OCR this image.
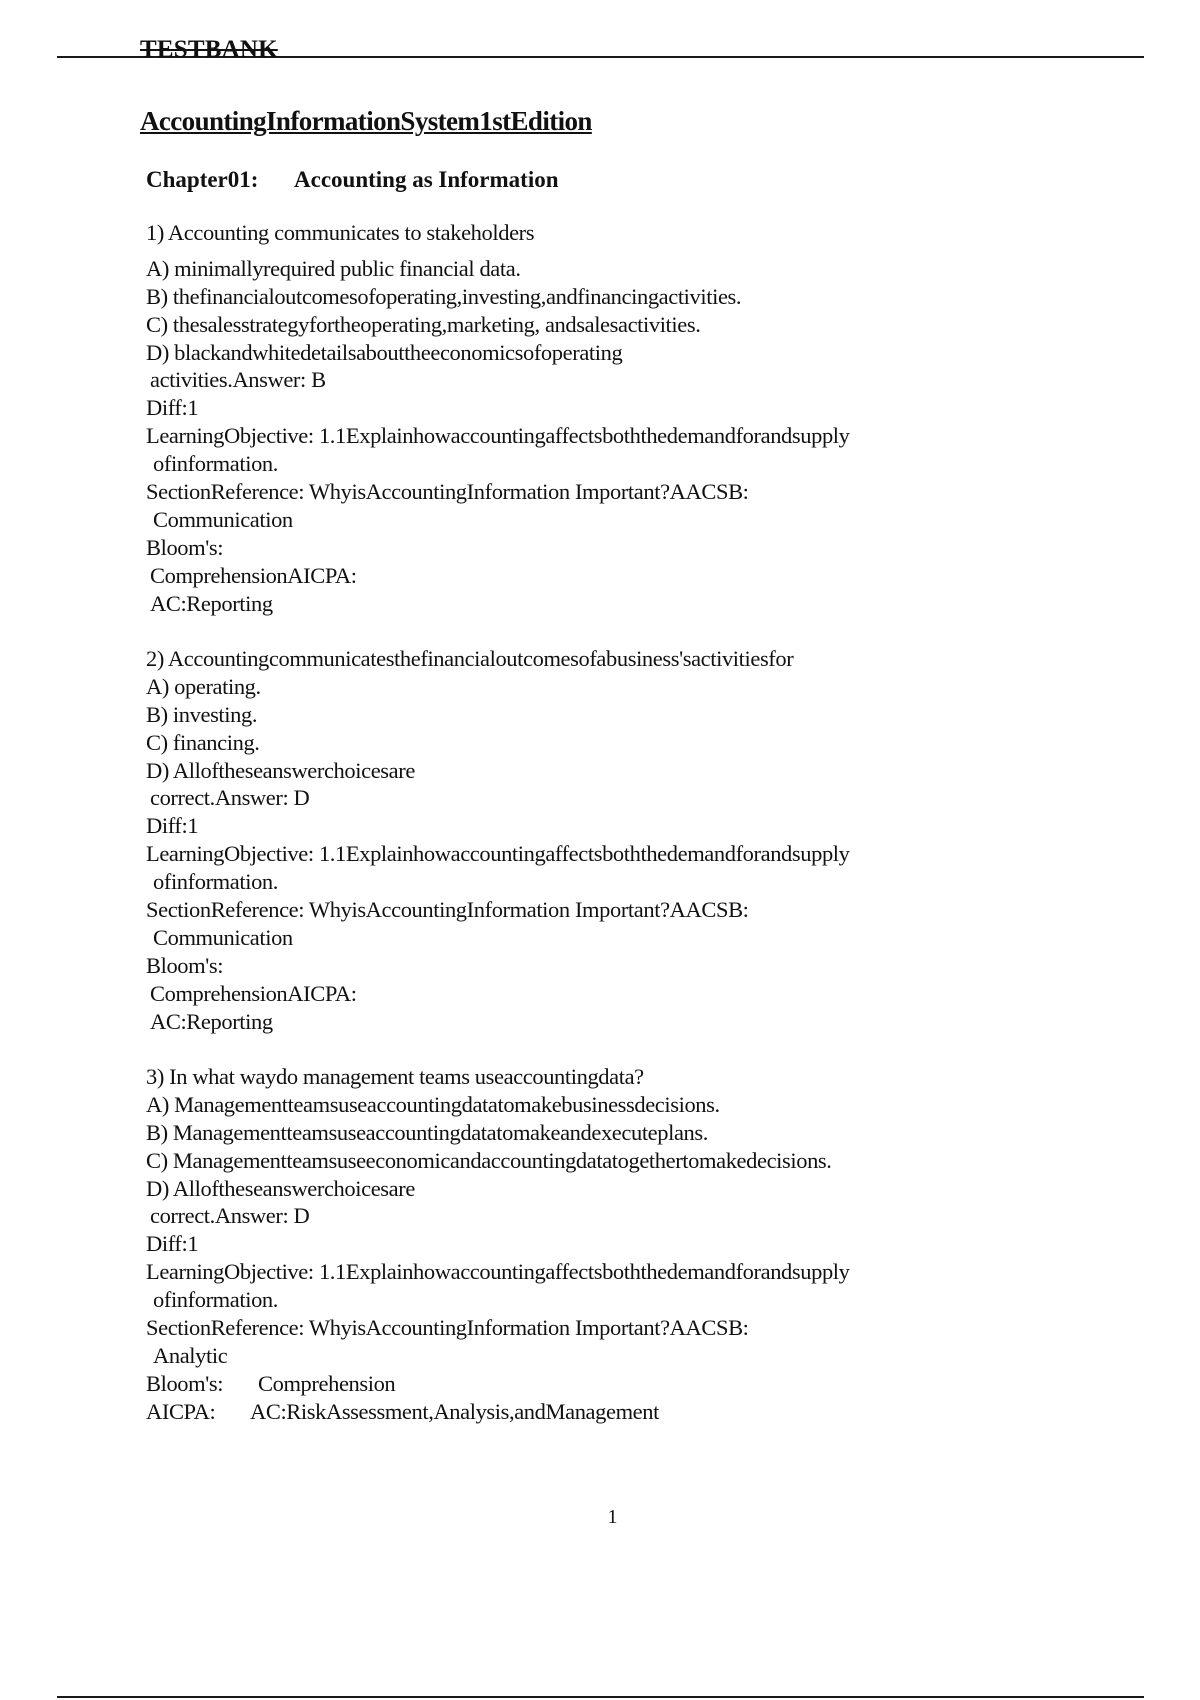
TESTBANK
AccountingInformationSystem1stEdition
Chapter01: Accounting as Information
1) Accounting communicates to stakeholders
A) minimallyrequired public financial data.
B) thefinancialoutcomesofoperating,investing,andfinancingactivities.
C) thesalesstrategyfortheoperating,marketing, andsalesactivities.
D) blackandwhitedetailsabouttheeconomicsofoperating
activities.Answer: B
Diff:1
LearningObjective: 1.1Explainhowaccountingaffectsboththedemandforandsupply
ofinformation.
SectionReference: WhyisAccountingInformation Important?AACSB:
Communication
Bloom's:
ComprehensionAICPA:
AC:Reporting
2) Accountingcommunicatesthefinancialoutcomesofabusiness'sactivitiesfor
A) operating.
B) investing.
C) financing.
D) Alloftheseanswerchoicesare
correct.Answer: D
Diff:1
LearningObjective: 1.1Explainhowaccountingaffectsboththedemandforandsupply
ofinformation.
SectionReference: WhyisAccountingInformation Important?AACSB:
Communication
Bloom's:
ComprehensionAICPA:
AC:Reporting
3) In what waydo management teams useaccountingdata?
A) Managementteamsuseaccountingdatatomakebusinessdecisions.
B) Managementteamsuseaccountingdatatomakeandexecuteplans.
C) Managementteamsuseeconomicandaccountingdatatogethertomakedecisions.
D) Alloftheseanswerchoicesare
correct.Answer: D
Diff:1
LearningObjective: 1.1Explainhowaccountingaffectsboththedemandforandsupply
ofinformation.
SectionReference: WhyisAccountingInformation Important?AACSB:
Analytic
Bloom's: Comprehension
AICPA: AC:RiskAssessment,Analysis,andManagement
1
